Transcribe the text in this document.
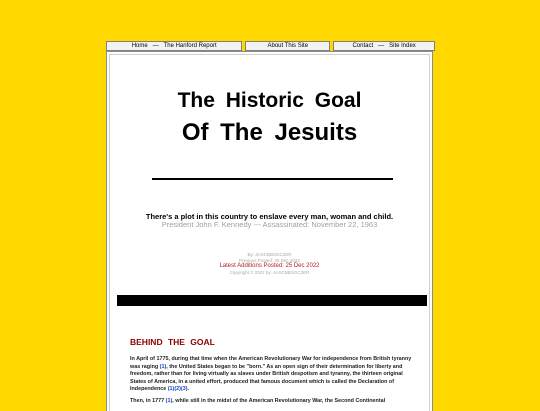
Home   —   The Hanford Report	About This Site	Contact   —   Site Index
The Historic Goal
Of The Jesuits
There's a plot in this country to enslave every man, woman and child.
President John F. Kennedy --- Assassinated: November 22, 1963
By: 4ASCBBSGC2ER
Previous Posted: 30 Dec 2022
Latest Additions Posted: 25 Dec 2022
Copyright © 2022 by: 4ASCBBSGC2ER
BEHIND THE GOAL
In April of 1775, during that time when the American Revolutionary War for independence from British tyranny was raging (1), the United States began to be "born." As an open sign of their determination for liberty and freedom, rather than for living virtually as slaves under British despotism and tyranny, the thirteen original States of America, in a united effort, produced that famous document which is called the Declaration of Independence (1)(2)(3).
Then, in 1777 (1), while still in the midst of the American Revolutionary War, the Second Continental
